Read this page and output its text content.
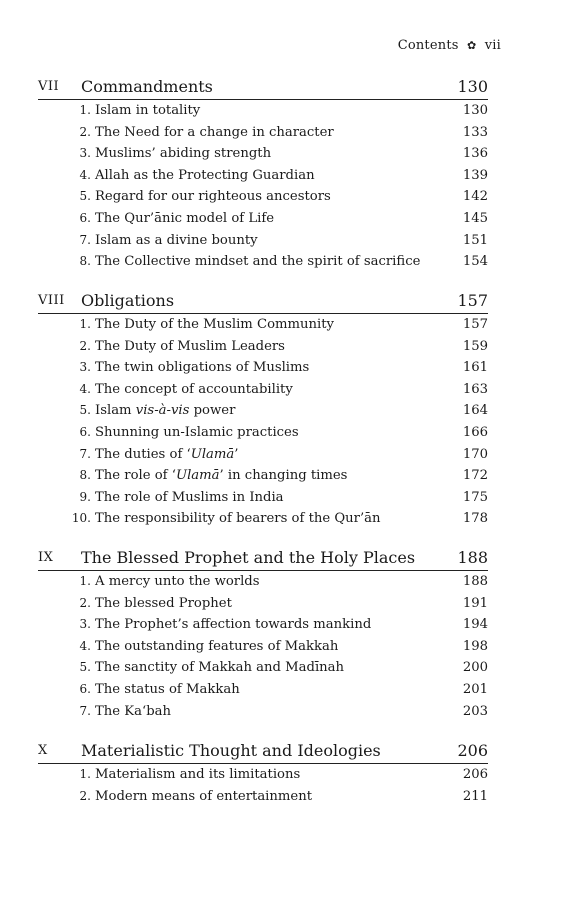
Contents ✿ vii
VII Commandments	130
1. Islam in totality	130
2. The Need for a change in character	133
3. Muslims’ abiding strength	136
4. Allah as the Protecting Guardian	139
5. Regard for our righteous ancestors	142
6. The Qur’ānic model of Life	145
7. Islam as a divine bounty	151
8. The Collective mindset and the spirit of sacrifice	154
VIII Obligations	157
1. The Duty of the Muslim Community	157
2. The Duty of Muslim Leaders	159
3. The twin obligations of Muslims	161
4. The concept of accountability	163
5. Islam vis-à-vis power	164
6. Shunning un-Islamic practices	166
7. The duties of ‘Ulamā’	170
8. The role of ‘Ulamā’ in changing times	172
9. The role of Muslims in India	175
10. The responsibility of bearers of the Qur’ān	178
IX The Blessed Prophet and the Holy Places	188
1. A mercy unto the worlds	188
2. The blessed Prophet	191
3. The Prophet’s affection towards mankind	194
4. The outstanding features of Makkah	198
5. The sanctity of Makkah and Madīnah	200
6. The status of Makkah	201
7. The Ka‘bah	203
X Materialistic Thought and Ideologies	206
1. Materialism and its limitations	206
2. Modern means of entertainment	211
